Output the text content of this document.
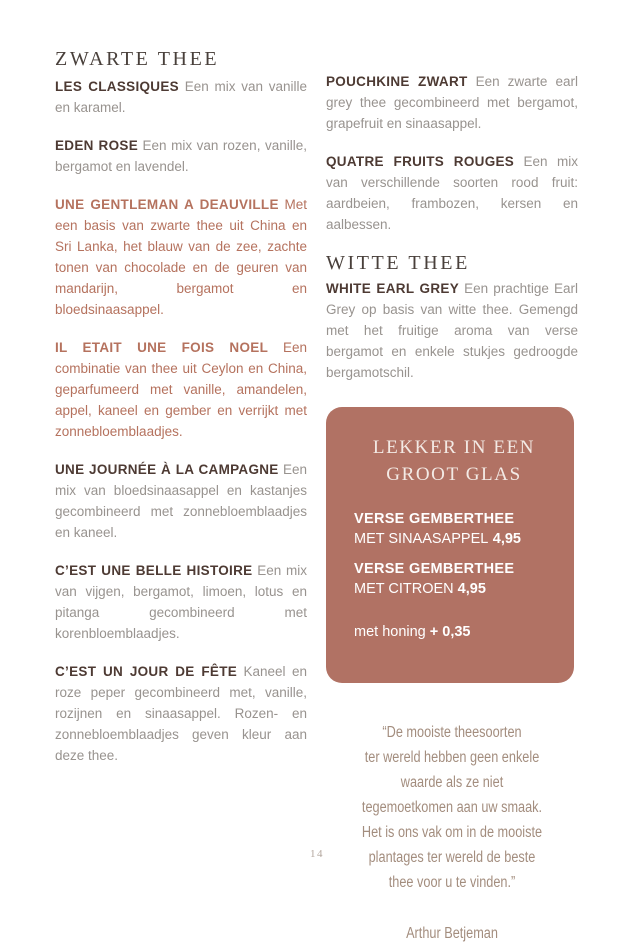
ZWARTE THEE

LES CLASSIQUES Een mix van vanille en karamel.

EDEN ROSE Een mix van rozen, vanille, bergamot en lavendel.

UNE GENTLEMAN A DEAUVILLE Met een basis van zwarte thee uit China en Sri Lanka, het blauw van de zee, zachte tonen van chocolade en de geuren van mandarijn, bergamot en bloedsinaasappel.

IL ETAIT UNE FOIS NOEL Een combinatie van thee uit Ceylon en China, geparfumeerd met vanille, amandelen, appel, kaneel en gember en verrijkt met zonnebloemblaadjes.

UNE JOURNÉE À LA CAMPAGNE Een mix van bloedsinaasappel en kastanjes gecombineerd met zonnebloemblaadjes en kaneel.

C’EST UNE BELLE HISTOIRE Een mix van vijgen, bergamot, limoen, lotus en pitanga gecombineerd met korenbloemblaadjes.

C’EST UN JOUR DE FÊTE Kaneel en roze peper gecombineerd met, vanille, rozijnen en sinaasappel. Rozen- en zonnebloemblaadjes geven kleur aan deze thee.

POUCHKINE ZWART Een zwarte earl grey thee gecombineerd met bergamot, grapefruit en sinaasappel.

QUATRE FRUITS ROUGES Een mix van verschillende soorten rood fruit: aardbeien, frambozen, kersen en aalbessen.

WITTE THEE

WHITE EARL GREY Een prachtige Earl Grey op basis van witte thee. Gemengd met het fruitige aroma van verse bergamot en enkele stukjes gedroogde bergamotschil.

LEKKER IN EEN
GROOT GLAS
VERSE GEMBERTHEE
MET SINAASAPPEL 4,95
VERSE GEMBERTHEE
MET CITROEN 4,95
met honing + 0,35
“De mooiste theesoorten
ter wereld hebben geen enkele
waarde als ze niet
tegemoetkomen aan uw smaak.
Het is ons vak om in de mooiste
plantages ter wereld de beste
thee voor u te vinden.”
Arthur Betjeman
14
